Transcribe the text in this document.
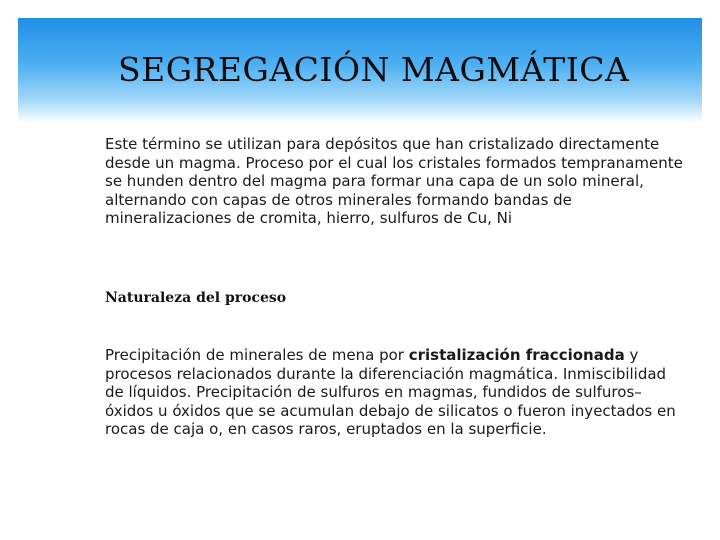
SEGREGACIÓN MAGMÁTICA

Este término se utilizan para depósitos que han cristalizado directamente desde un magma. Proceso por el cual los cristales formados tempranamente se hunden dentro del magma para formar una capa de un solo mineral, alternando con capas de otros minerales formando bandas de mineralizaciones de cromita, hierro, sulfuros de Cu, Ni

Naturaleza del proceso

Precipitación de minerales de mena por cristalización fraccionada y procesos relacionados durante la diferenciación magmática. Inmiscibilidad de líquidos. Precipitación de sulfuros en magmas, fundidos de sulfuros–óxidos u óxidos que se acumulan debajo de silicatos o fueron inyectados en rocas de caja o, en casos raros, eruptados en la superficie.
